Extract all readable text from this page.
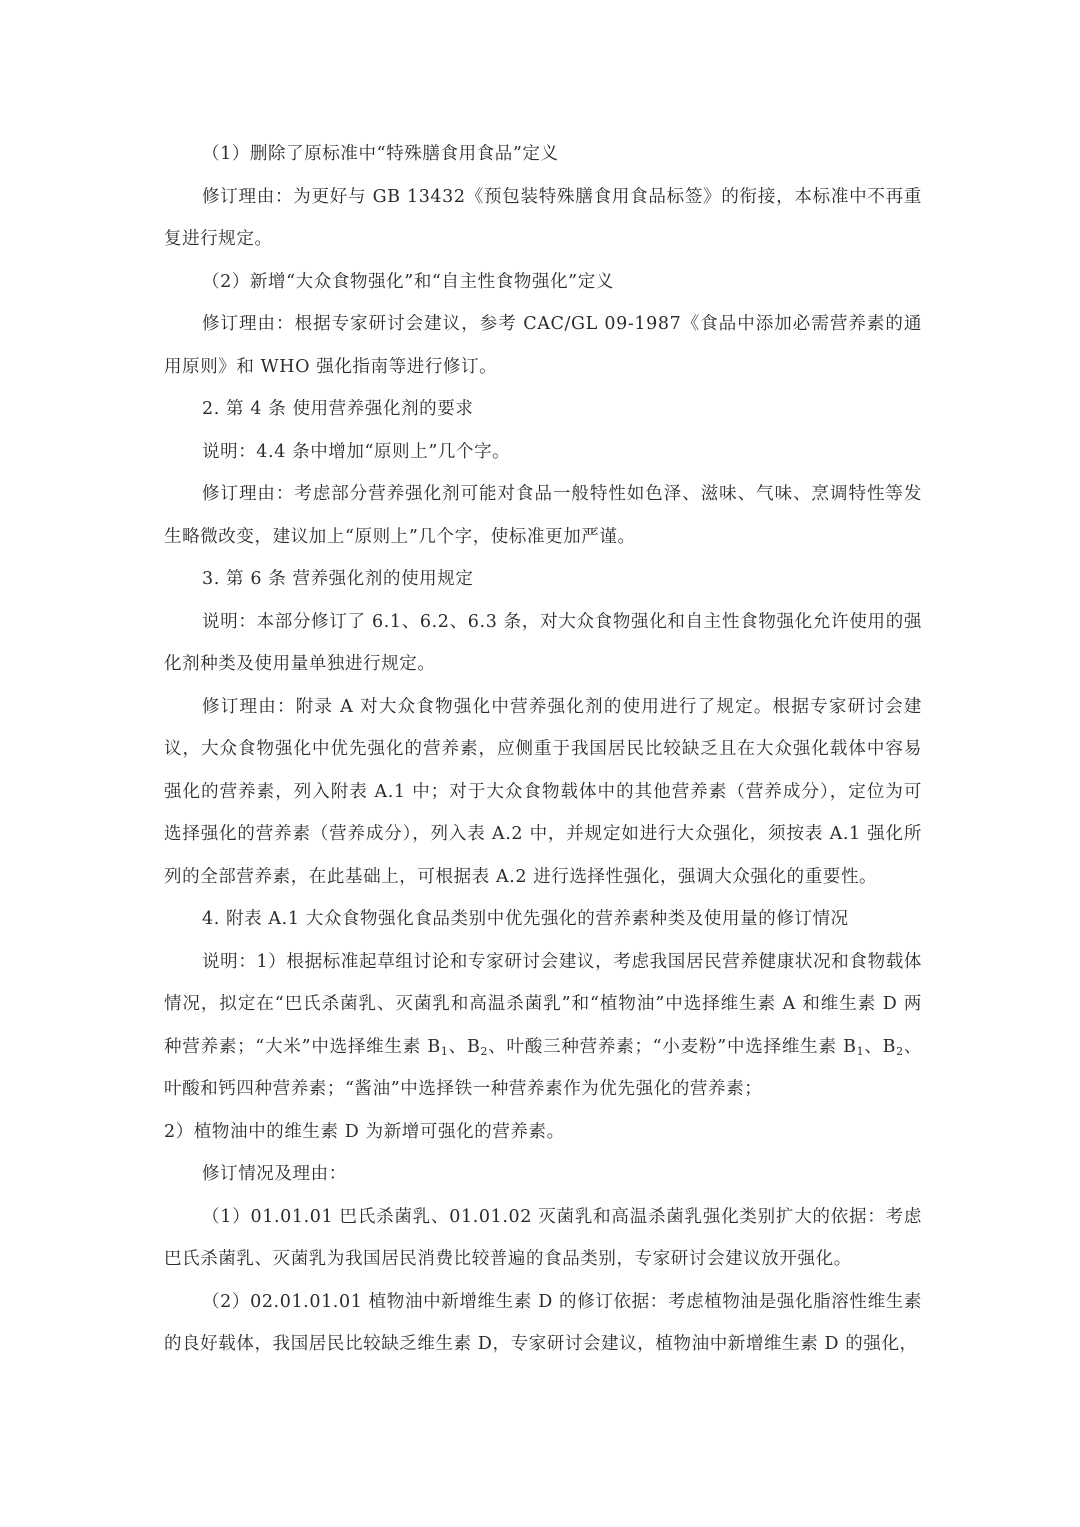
（1）删除了原标准中“特殊膳食用食品”定义

修订理由：为更好与 GB 13432《预包装特殊膳食用食品标签》的衔接，本标准中不再重复进行规定。

（2）新增“大众食物强化”和“自主性食物强化”定义

修订理由：根据专家研讨会建议，参考 CAC/GL 09-1987《食品中添加必需营养素的通用原则》和 WHO 强化指南等进行修订。

2. 第 4 条 使用营养强化剂的要求

说明：4.4 条中增加“原则上”几个字。

修订理由：考虑部分营养强化剂可能对食品一般特性如色泽、滋味、气味、烹调特性等发生略微改变，建议加上“原则上”几个字，使标准更加严谨。

3. 第 6 条 营养强化剂的使用规定

说明：本部分修订了 6.1、6.2、6.3 条，对大众食物强化和自主性食物强化允许使用的强化剂种类及使用量单独进行规定。

修订理由：附录 A 对大众食物强化中营养强化剂的使用进行了规定。根据专家研讨会建议，大众食物强化中优先强化的营养素，应侧重于我国居民比较缺乏且在大众强化载体中容易强化的营养素，列入附表 A.1 中；对于大众食物载体中的其他营养素（营养成分），定位为可选择强化的营养素（营养成分），列入表 A.2 中，并规定如进行大众强化，须按表 A.1 强化所列的全部营养素，在此基础上，可根据表 A.2 进行选择性强化，强调大众强化的重要性。

4. 附表 A.1 大众食物强化食品类别中优先强化的营养素种类及使用量的修订情况

说明：1）根据标准起草组讨论和专家研讨会建议，考虑我国居民营养健康状况和食物载体情况，拟定在“巴氏杀菌乳、灭菌乳和高温杀菌乳”和“植物油”中选择维生素 A 和维生素 D 两种营养素；“大米”中选择维生素 $B_1$、$B_2$、叶酸三种营养素；“小麦粉”中选择维生素 $B_1$、$B_2$、叶酸和钙四种营养素；“酱油”中选择铁一种营养素作为优先强化的营养素；

2）植物油中的维生素 D 为新增可强化的营养素。

修订情况及理由：

（1）01.01.01 巴氏杀菌乳、01.01.02 灭菌乳和高温杀菌乳强化类别扩大的依据：考虑巴氏杀菌乳、灭菌乳为我国居民消费比较普遍的食品类别，专家研讨会建议放开强化。

（2）02.01.01.01 植物油中新增维生素 D 的修订依据：考虑植物油是强化脂溶性维生素的良好载体，我国居民比较缺乏维生素 D，专家研讨会建议，植物油中新增维生素 D 的强化，
